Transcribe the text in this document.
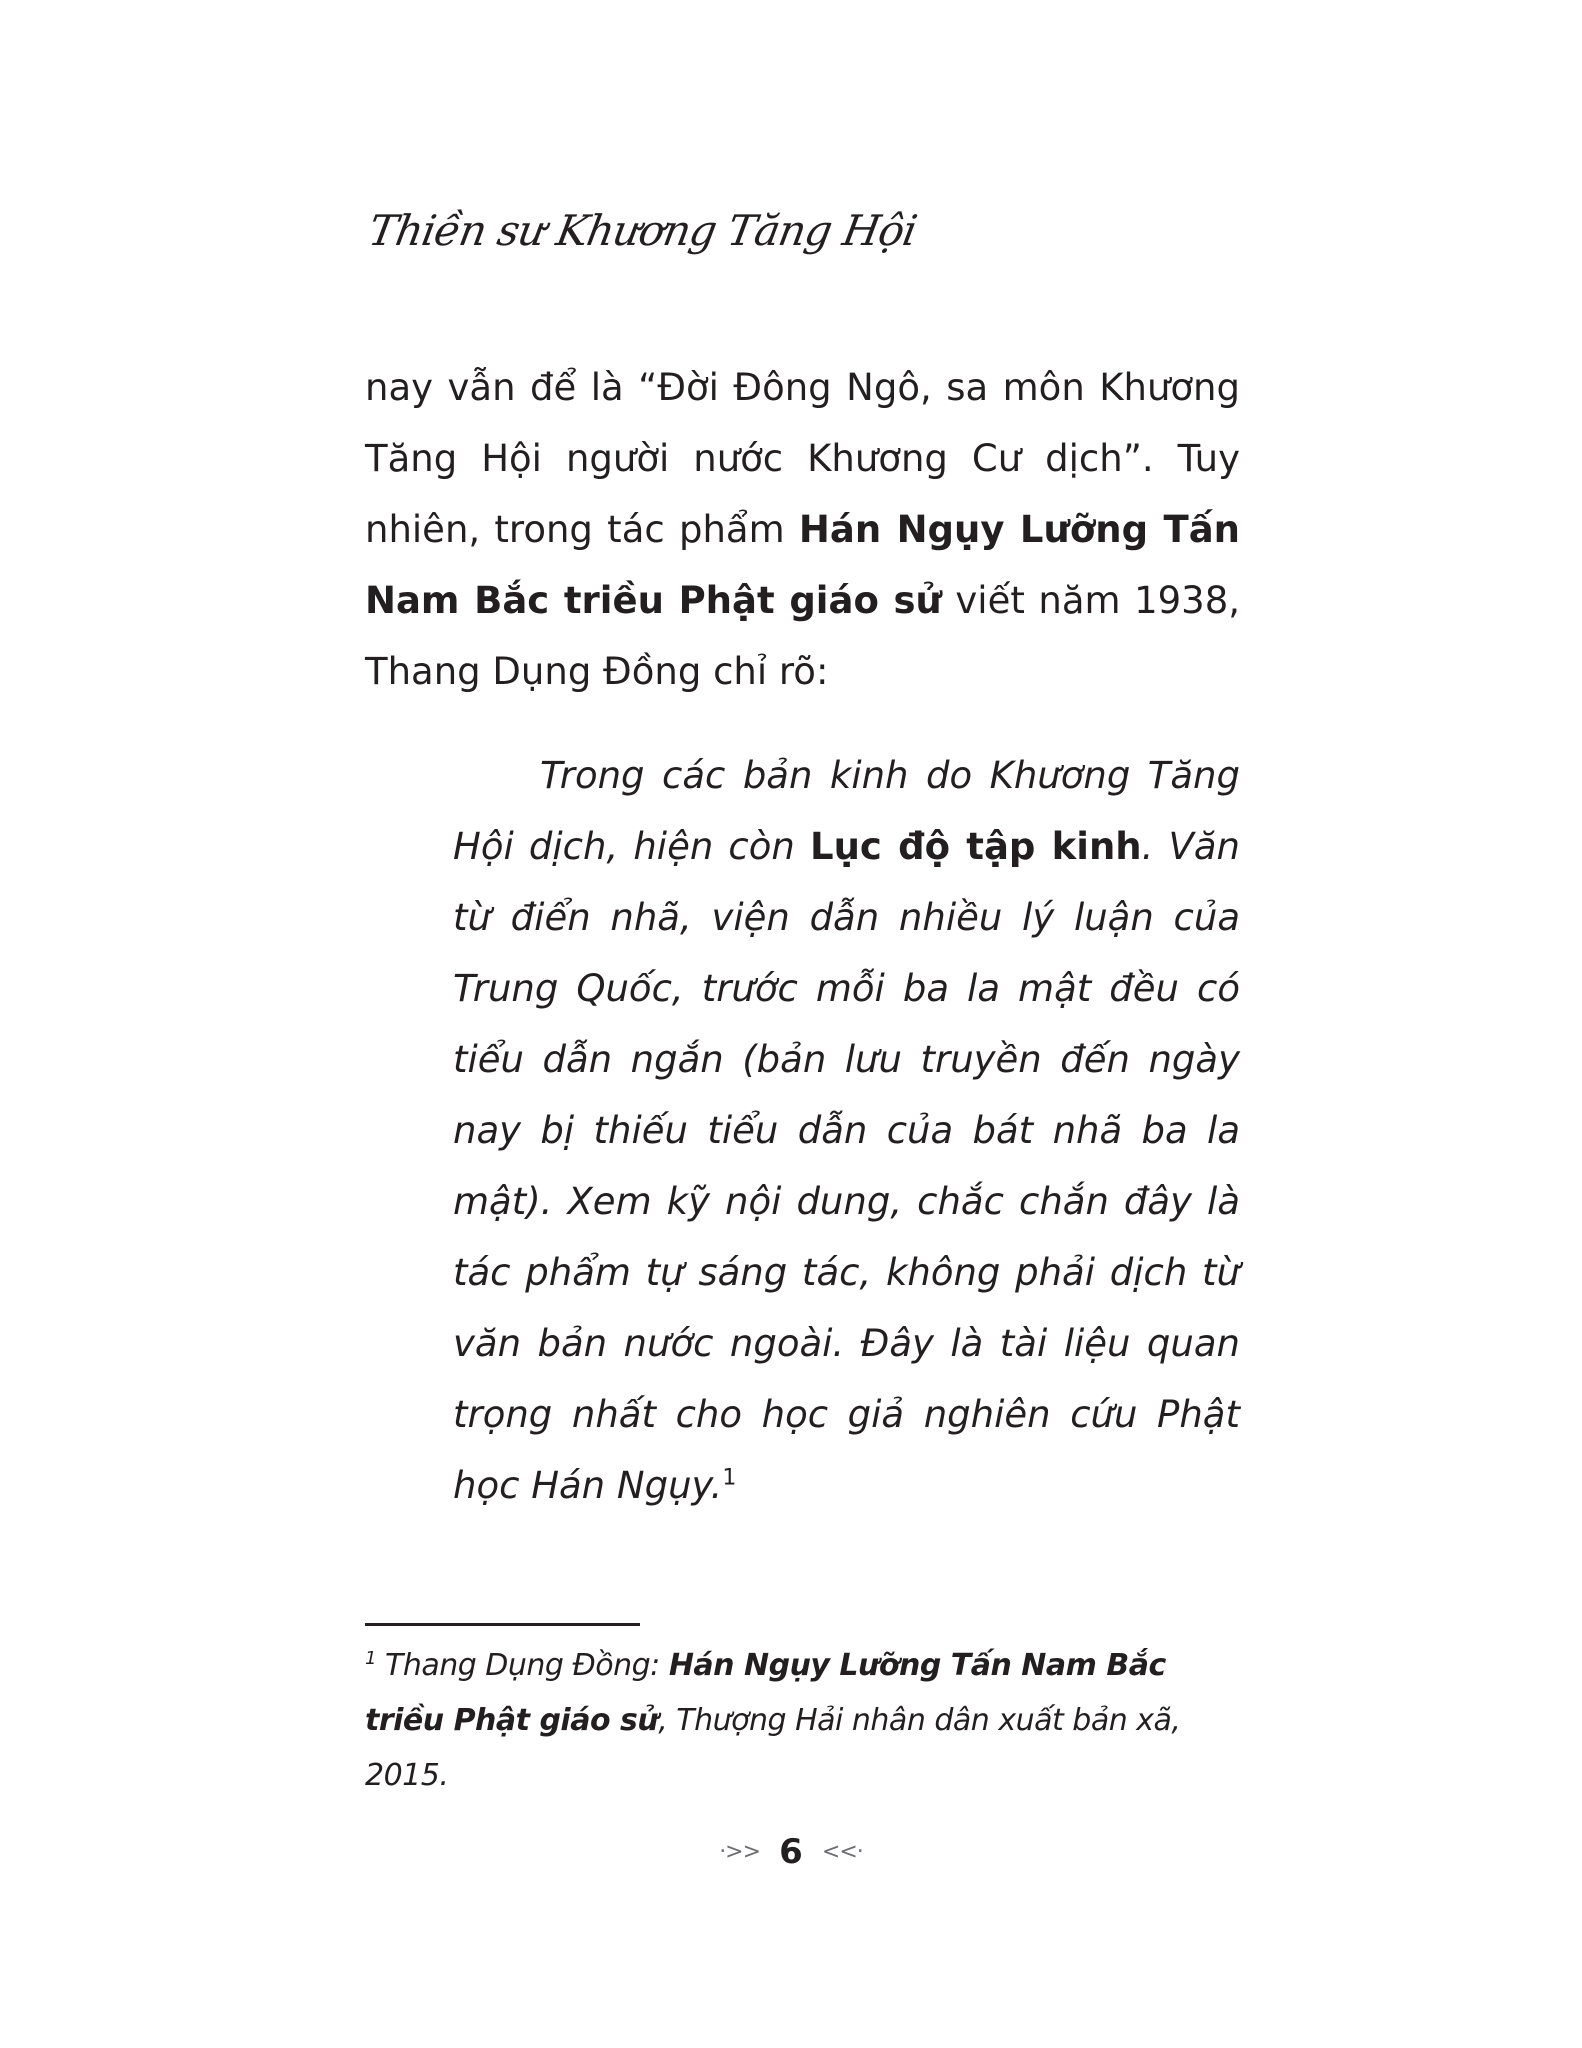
Thiền sư Khương Tăng Hội
nay vẫn để là “Đời Đông Ngô, sa môn Khương Tăng Hội người nước Khương Cư dịch”. Tuy nhiên, trong tác phẩm Hán Ngụy Lưỡng Tấn Nam Bắc triều Phật giáo sử viết năm 1938, Thang Dụng Đồng chỉ rõ:
Trong các bản kinh do Khương Tăng Hội dịch, hiện còn Lục độ tập kinh. Văn từ điển nhã, viện dẫn nhiều lý luận của Trung Quốc, trước mỗi ba la mật đều có tiểu dẫn ngắn (bản lưu truyền đến ngày nay bị thiếu tiểu dẫn của bát nhã ba la mật). Xem kỹ nội dung, chắc chắn đây là tác phẩm tự sáng tác, không phải dịch từ văn bản nước ngoài. Đây là tài liệu quan trọng nhất cho học giả nghiên cứu Phật học Hán Ngụy.$^1$
$^1$ Thang Dụng Đồng: Hán Ngụy Lưỡng Tấn Nam Bắc triều Phật giáo sử, Thượng Hải nhân dân xuất bản xã, 2015.
·>> 6 <<·
